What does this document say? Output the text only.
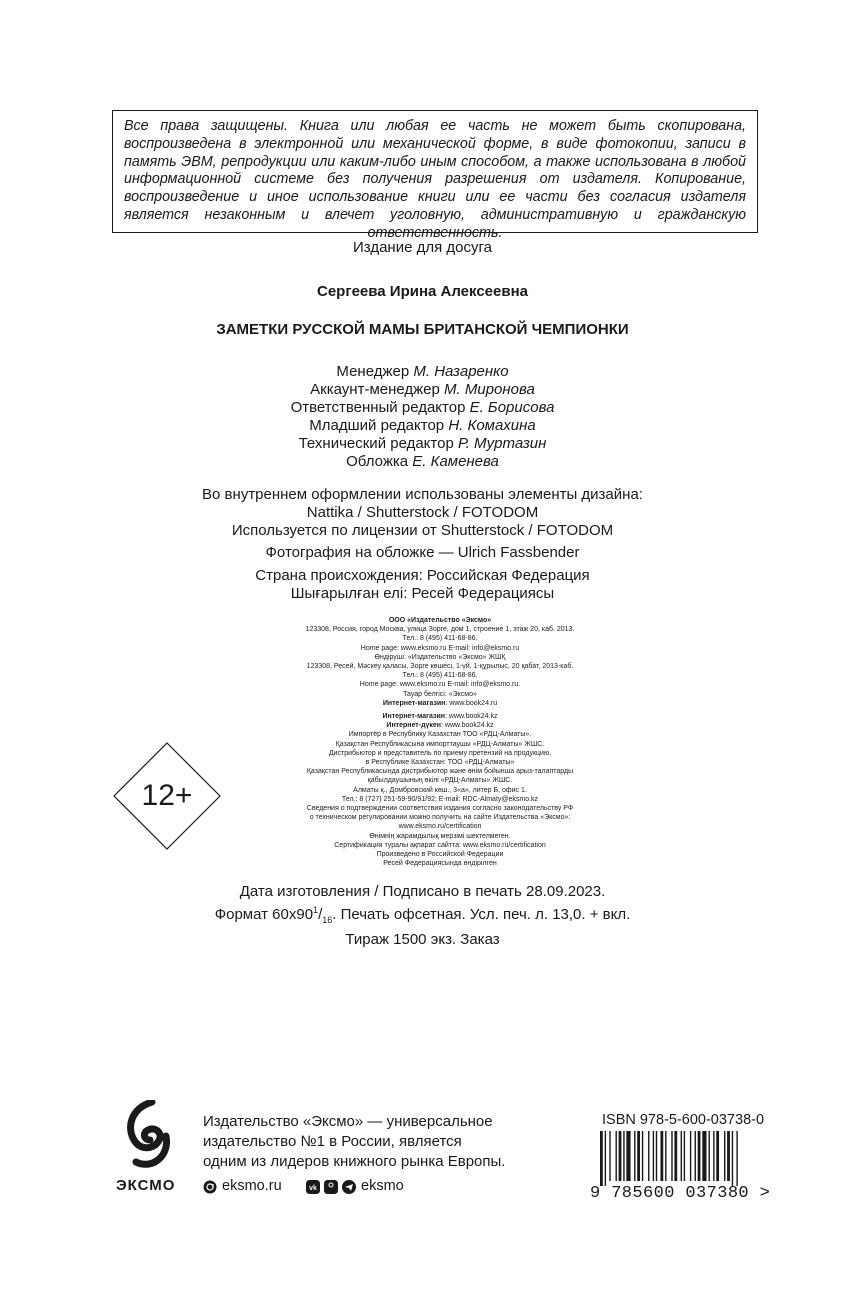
Все права защищены. Книга или любая ее часть не может быть скопирована, воспроизведена в электронной или механической форме, в виде фотокопии, записи в память ЭВМ, репродукции или каким-либо иным способом, а также использована в любой информационной системе без получения разрешения от издателя. Копирование, воспроизведение и иное использование книги или ее части без согласия издателя является незаконным и влечет уголовную, административную и гражданскую ответственность.
Издание для досуга
Сергеева Ирина Алексеевна
ЗАМЕТКИ РУССКОЙ МАМЫ БРИТАНСКОЙ ЧЕМПИОНКИ
Менеджер М. Назаренко
Аккаунт-менеджер М. Миронова
Ответственный редактор Е. Борисова
Младший редактор Н. Комахина
Технический редактор Р. Муртазин
Обложка Е. Каменева
Во внутреннем оформлении использованы элементы дизайна:
Nattika / Shutterstock / FOTODOM
Используется по лицензии от Shutterstock / FOTODOM
Фотография на обложке — Ulrich Fassbender
Страна происхождения: Российская Федерация
Шығарылған елі: Ресей Федерациясы
ООО «Издательство «Эксмо»
123308, Россия, город Москва, улица Зорге, дом 1, строение 1, этаж 20, каб. 2013.
Тел.: 8 (495) 411-68-86.
Home page: www.eksmo.ru E-mail: info@eksmo.ru
Өндіруші: «Издательство «Эксмо» ЖШҚ
123308, Ресей, Мәскеу қаласы, Зорге көшесі, 1-үй, 1-құрылыс, 20 қабат, 2013-каб.
Тел.: 8 (495) 411-68-86.
Home page: www.eksmo.ru E-mail: info@eksmo.ru.
Тауар белгісі: «Эксмо»
Интернет-магазин: www.book24.ru
Интернет-магазин: www.book24.kz
Интернет-дүкен: www.book24.kz
Импортёр в Республику Казахстан ТОО «РДЦ-Алматы».
Қазақстан Республикасына импорттаушы «РДЦ-Алматы» ЖШС.
Дистрибьютор и представитель по приему претензий на продукцию,
в Республике Казахстан: ТОО «РДЦ-Алматы»
Қазақстан Республикасында дистрибьютор және өнім бойынша арыз-талаптарды
қабылдаушының өкілі «РДЦ-Алматы» ЖШС.
Алматы қ., Домбровский көш., 3«а», литер Б, офис 1.
Тел.: 8 (727) 251-59-90/91/92; E-mail: RDC-Almaty@eksmo.kz
Сведения о подтверждении соответствия издания согласно законодательству РФ
о техническом регулировании можно получить на сайте Издательства «Эксмо»:
www.eksmo.ru/certification
Өнімнің жарамдылық мерзімі шектелмеген.
Сертификация туралы ақпарат сайтта: www.eksmo.ru/certification
Произведено в Российской Федерации
Ресей Федерациясында өндірілген
12+
Дата изготовления / Подписано в печать 28.09.2023.
Формат $60x90^1/_{16}$. Печать офсетная. Усл. печ. л. 13,0. + вкл.
Тираж 1500 экз. Заказ
ЭКСМО
Издательство «Эксмо» — универсальное
издательство №1 в России, является
одним из лидеров книжного рынка Европы.
eksmo.ru	vk	eksmo
ISBN 978-5-600-03738-0
9 785600 037380 >
